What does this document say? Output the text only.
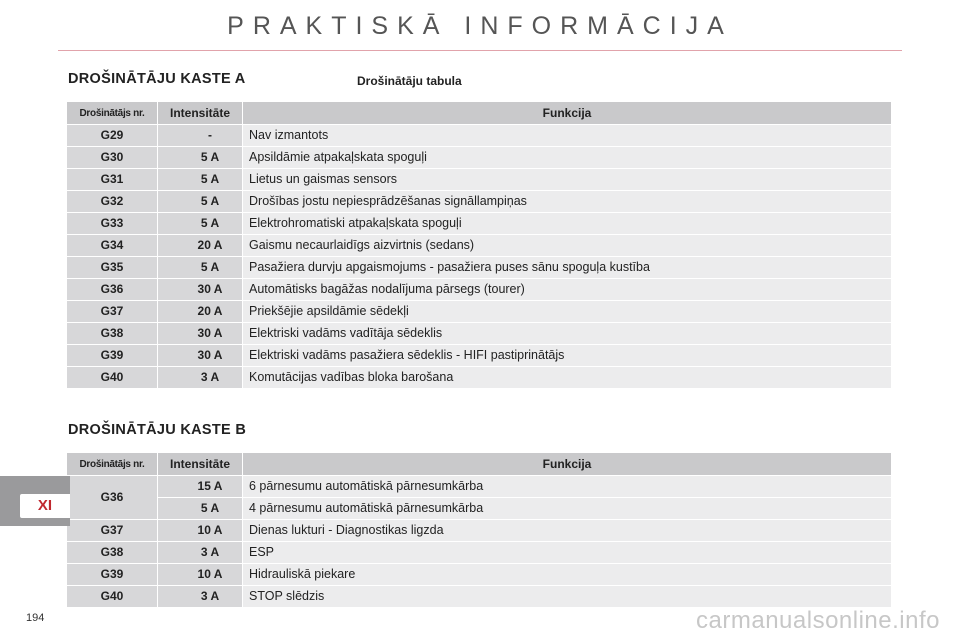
PRAKTISKĀ INFORMĀCIJA
DROŠINĀTĀJU KASTE A	Drošinātāju tabula
Drošinātājs nr.	Intensitāte	Funkcija
G29	-	Nav izmantots
G30	5 A	Apsildāmie atpakaļskata spoguļi
G31	5 A	Lietus un gaismas sensors
G32	5 A	Drošības jostu nepiesprādzēšanas signāllampiņas
G33	5 A	Elektrohromatiski atpakaļskata spoguļi
G34	20 A	Gaismu necaurlaidīgs aizvirtnis (sedans)
G35	5 A	Pasažiera durvju apgaismojums - pasažiera puses sānu spoguļa kustība
G36	30 A	Automātisks bagāžas nodalījuma pārsegs (tourer)
G37	20 A	Priekšējie apsildāmie sēdekļi
G38	30 A	Elektriski vadāms vadītāja sēdeklis
G39	30 A	Elektriski vadāms pasažiera sēdeklis - HIFI pastiprinātājs
G40	3 A	Komutācijas vadības bloka barošana
DROŠINĀTĀJU KASTE B
Drošinātājs nr.	Intensitāte	Funkcija
G36	15 A	6 pārnesumu automātiskā pārnesumkārba
	5 A	4 pārnesumu automātiskā pārnesumkārba
G37	10 A	Dienas lukturi - Diagnostikas ligzda
G38	3 A	ESP
G39	10 A	Hidrauliskā piekare
G40	3 A	STOP slēdzis
XI
194	carmanualsonline.info
